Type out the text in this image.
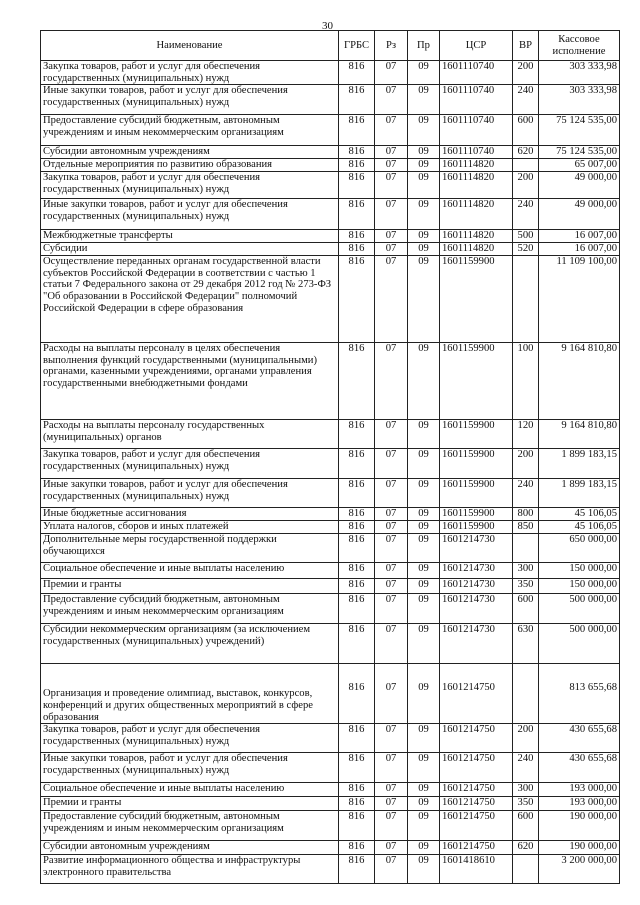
30
Наименование	ГРБС	Рз	Пр	ЦСР	ВР	Кассовое исполнение
Закупка товаров, работ и услуг для обеспечения государственных (муниципальных) нужд	816	07	09	1601110740	200	303 333,98
Иные закупки товаров, работ и услуг для обеспечения государственных (муниципальных) нужд	816	07	09	1601110740	240	303 333,98
Предоставление субсидий бюджетным, автономным учреждениям и иным некоммерческим организациям	816	07	09	1601110740	600	75 124 535,00
Субсидии автономным учреждениям	816	07	09	1601110740	620	75 124 535,00
Отдельные мероприятия по развитию образования	816	07	09	1601114820		65 007,00
Закупка товаров, работ и услуг для обеспечения государственных (муниципальных) нужд	816	07	09	1601114820	200	49 000,00
Иные закупки товаров, работ и услуг для обеспечения государственных (муниципальных) нужд	816	07	09	1601114820	240	49 000,00
Межбюджетные трансферты	816	07	09	1601114820	500	16 007,00
Субсидии	816	07	09	1601114820	520	16 007,00
Осуществление переданных органам государственной власти субъектов Российской Федерации в соответствии с частью 1 статьи 7 Федерального закона от 29 декабря 2012 год № 273-ФЗ "Об образовании в Российской Федерации" полномочий Российской Федерации в сфере образования	816	07	09	1601159900		11 109 100,00
Расходы на выплаты персоналу в целях обеспечения выполнения функций государственными (муниципальными) органами, казенными учреждениями, органами управления государственными внебюджетными фондами	816	07	09	1601159900	100	9 164 810,80
Расходы на выплаты персоналу государственных (муниципальных) органов	816	07	09	1601159900	120	9 164 810,80
Закупка товаров, работ и услуг для обеспечения государственных (муниципальных) нужд	816	07	09	1601159900	200	1 899 183,15
Иные закупки товаров, работ и услуг для обеспечения государственных (муниципальных) нужд	816	07	09	1601159900	240	1 899 183,15
Иные бюджетные ассигнования	816	07	09	1601159900	800	45 106,05
Уплата налогов, сборов и иных платежей	816	07	09	1601159900	850	45 106,05
Дополнительные меры государственной поддержки обучающихся	816	07	09	1601214730		650 000,00
Социальное обеспечение и иные выплаты населению	816	07	09	1601214730	300	150 000,00
Премии и гранты	816	07	09	1601214730	350	150 000,00
Предоставление субсидий бюджетным, автономным учреждениям и иным некоммерческим организациям	816	07	09	1601214730	600	500 000,00
Субсидии некоммерческим организациям (за исключением государственных (муниципальных) учреждений)	816	07	09	1601214730	630	500 000,00
Организация и проведение олимпиад, выставок, конкурсов, конференций и других общественных мероприятий в сфере образования	816	07	09	1601214750		813 655,68
Закупка товаров, работ и услуг для обеспечения государственных (муниципальных) нужд	816	07	09	1601214750	200	430 655,68
Иные закупки товаров, работ и услуг для обеспечения государственных (муниципальных) нужд	816	07	09	1601214750	240	430 655,68
Социальное обеспечение и иные выплаты населению	816	07	09	1601214750	300	193 000,00
Премии и гранты	816	07	09	1601214750	350	193 000,00
Предоставление субсидий бюджетным, автономным учреждениям и иным некоммерческим организациям	816	07	09	1601214750	600	190 000,00
Субсидии автономным учреждениям	816	07	09	1601214750	620	190 000,00
Развитие информационного общества и инфраструктуры электронного правительства	816	07	09	1601418610		3 200 000,00
